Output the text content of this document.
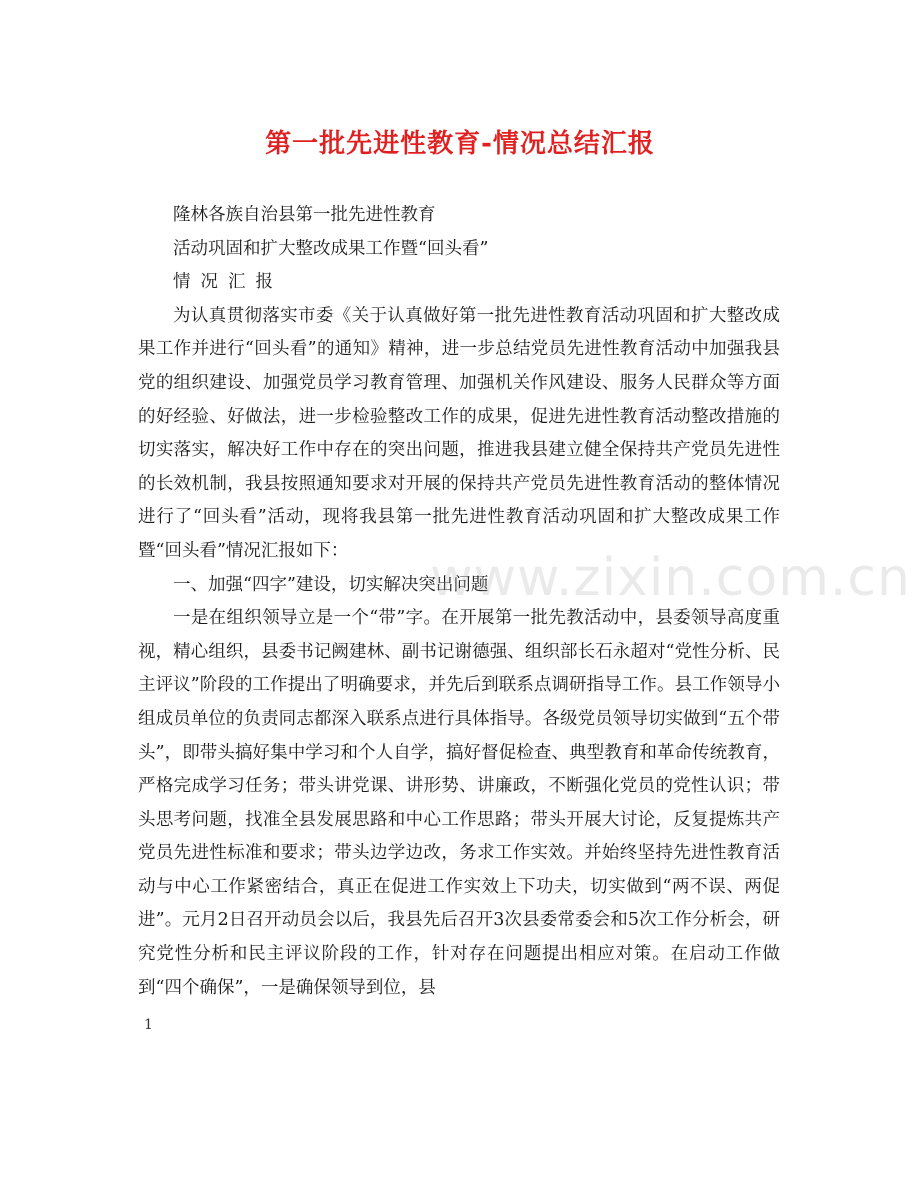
第一批先进性教育-情况总结汇报

隆林各族自治县第一批先进性教育

活动巩固和扩大整改成果工作暨“回头看”

情况汇报

为认真贯彻落实市委《关于认真做好第一批先进性教育活动巩固和扩大整改成果工作并进行“回头看”的通知》精神，进一步总结党员先进性教育活动中加强我县党的组织建设、加强党员学习教育管理、加强机关作风建设、服务人民群众等方面的好经验、好做法，进一步检验整改工作的成果，促进先进性教育活动整改措施的切实落实，解决好工作中存在的突出问题，推进我县建立健全保持共产党员先进性的长效机制，我县按照通知要求对开展的保持共产党员先进性教育活动的整体情况进行了“回头看”活动，现将我县第一批先进性教育活动巩固和扩大整改成果工作暨“回头看”情况汇报如下：

一、加强“四字”建设，切实解决突出问题

一是在组织领导立是一个“带”字。在开展第一批先教活动中，县委领导高度重视，精心组织，县委书记阙建林、副书记谢德强、组织部长石永超对“党性分析、民主评议”阶段的工作提出了明确要求，并先后到联系点调研指导工作。县工作领导小组成员单位的负责同志都深入联系点进行具体指导。各级党员领导切实做到“五个带头”，即带头搞好集中学习和个人自学，搞好督促检查、典型教育和革命传统教育，严格完成学习任务；带头讲党课、讲形势、讲廉政，不断强化党员的党性认识；带头思考问题，找准全县发展思路和中心工作思路；带头开展大讨论，反复提炼共产党员先进性标准和要求；带头边学边改，务求工作实效。并始终坚持先进性教育活动与中心工作紧密结合，真正在促进工作实效上下功夫，切实做到“两不误、两促进”。元月2日召开动员会以后，我县先后召开3次县委常委会和5次工作分析会，研究党性分析和民主评议阶段的工作，针对存在问题提出相应对策。在启动工作做到“四个确保”，一是确保领导到位，县

www.zixin.com.cn
1
